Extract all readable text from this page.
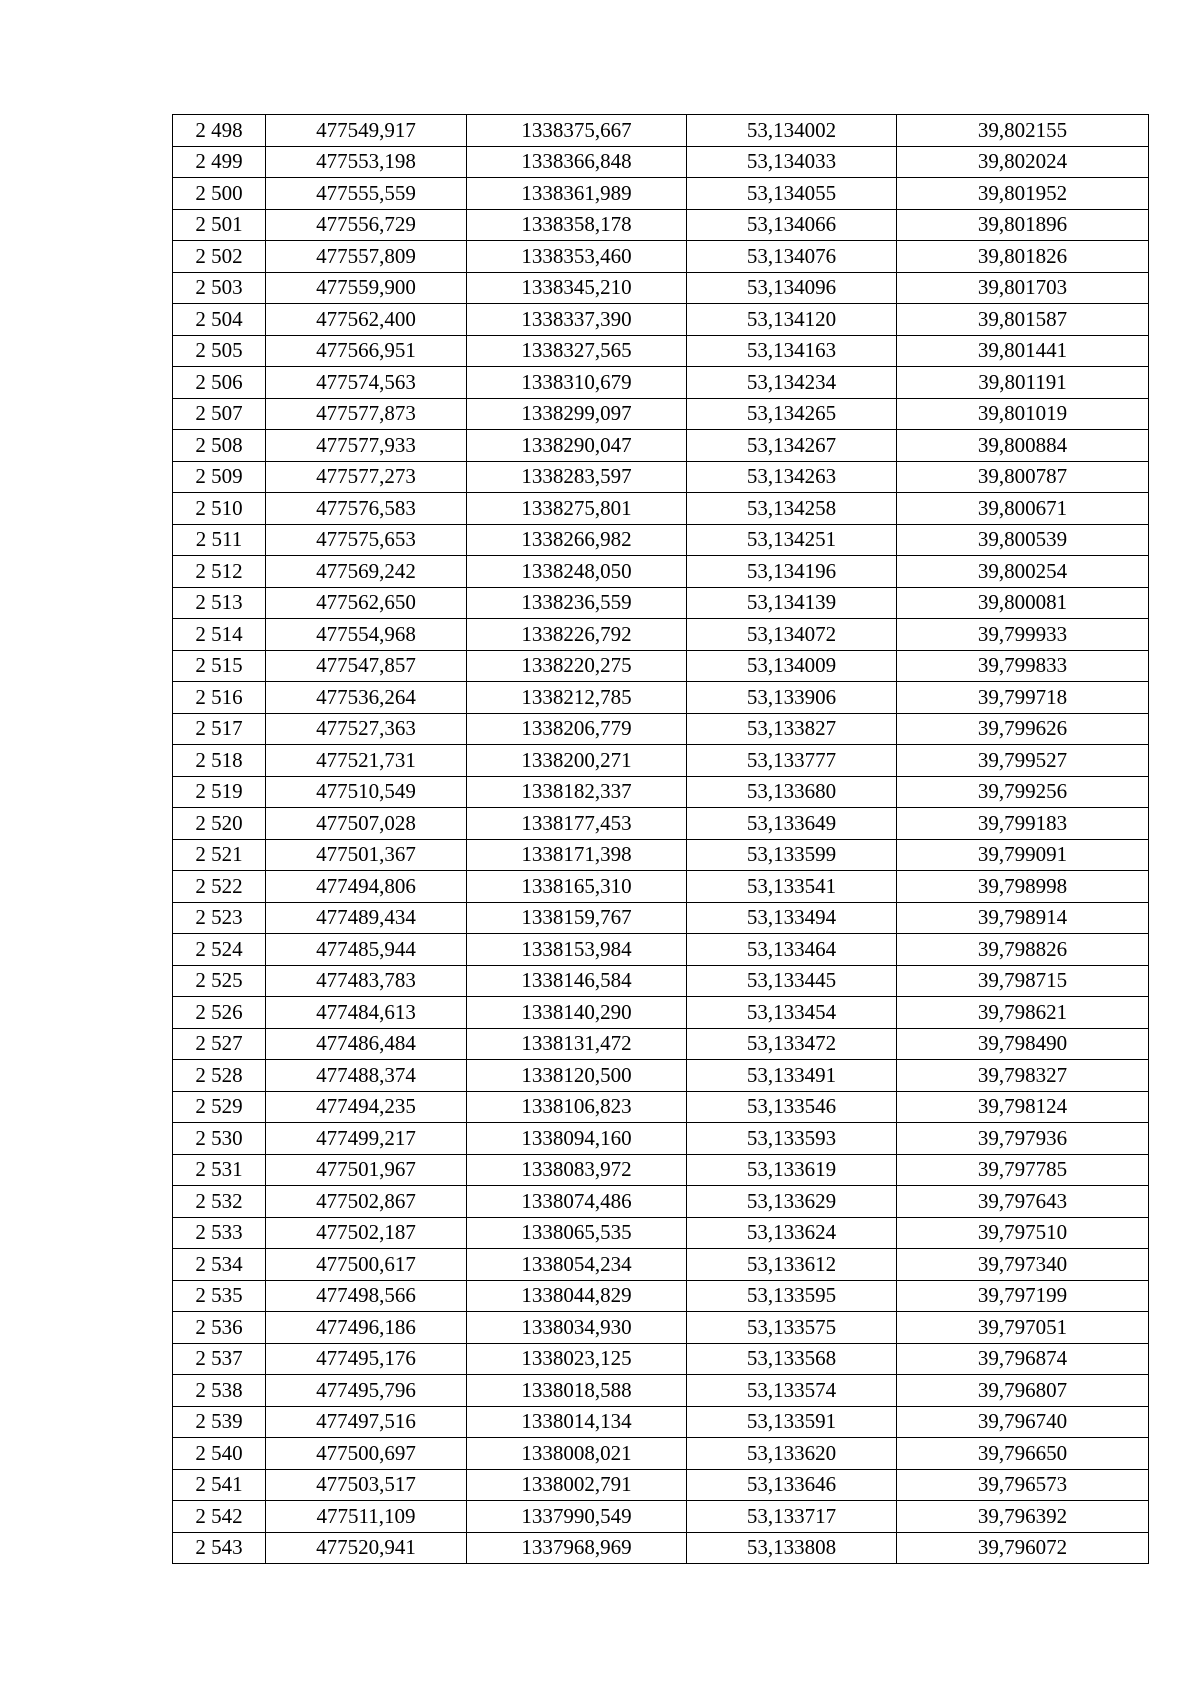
2 498	477549,917	1338375,667	53,134002	39,802155
2 499	477553,198	1338366,848	53,134033	39,802024
2 500	477555,559	1338361,989	53,134055	39,801952
2 501	477556,729	1338358,178	53,134066	39,801896
2 502	477557,809	1338353,460	53,134076	39,801826
2 503	477559,900	1338345,210	53,134096	39,801703
2 504	477562,400	1338337,390	53,134120	39,801587
2 505	477566,951	1338327,565	53,134163	39,801441
2 506	477574,563	1338310,679	53,134234	39,801191
2 507	477577,873	1338299,097	53,134265	39,801019
2 508	477577,933	1338290,047	53,134267	39,800884
2 509	477577,273	1338283,597	53,134263	39,800787
2 510	477576,583	1338275,801	53,134258	39,800671
2 511	477575,653	1338266,982	53,134251	39,800539
2 512	477569,242	1338248,050	53,134196	39,800254
2 513	477562,650	1338236,559	53,134139	39,800081
2 514	477554,968	1338226,792	53,134072	39,799933
2 515	477547,857	1338220,275	53,134009	39,799833
2 516	477536,264	1338212,785	53,133906	39,799718
2 517	477527,363	1338206,779	53,133827	39,799626
2 518	477521,731	1338200,271	53,133777	39,799527
2 519	477510,549	1338182,337	53,133680	39,799256
2 520	477507,028	1338177,453	53,133649	39,799183
2 521	477501,367	1338171,398	53,133599	39,799091
2 522	477494,806	1338165,310	53,133541	39,798998
2 523	477489,434	1338159,767	53,133494	39,798914
2 524	477485,944	1338153,984	53,133464	39,798826
2 525	477483,783	1338146,584	53,133445	39,798715
2 526	477484,613	1338140,290	53,133454	39,798621
2 527	477486,484	1338131,472	53,133472	39,798490
2 528	477488,374	1338120,500	53,133491	39,798327
2 529	477494,235	1338106,823	53,133546	39,798124
2 530	477499,217	1338094,160	53,133593	39,797936
2 531	477501,967	1338083,972	53,133619	39,797785
2 532	477502,867	1338074,486	53,133629	39,797643
2 533	477502,187	1338065,535	53,133624	39,797510
2 534	477500,617	1338054,234	53,133612	39,797340
2 535	477498,566	1338044,829	53,133595	39,797199
2 536	477496,186	1338034,930	53,133575	39,797051
2 537	477495,176	1338023,125	53,133568	39,796874
2 538	477495,796	1338018,588	53,133574	39,796807
2 539	477497,516	1338014,134	53,133591	39,796740
2 540	477500,697	1338008,021	53,133620	39,796650
2 541	477503,517	1338002,791	53,133646	39,796573
2 542	477511,109	1337990,549	53,133717	39,796392
2 543	477520,941	1337968,969	53,133808	39,796072
